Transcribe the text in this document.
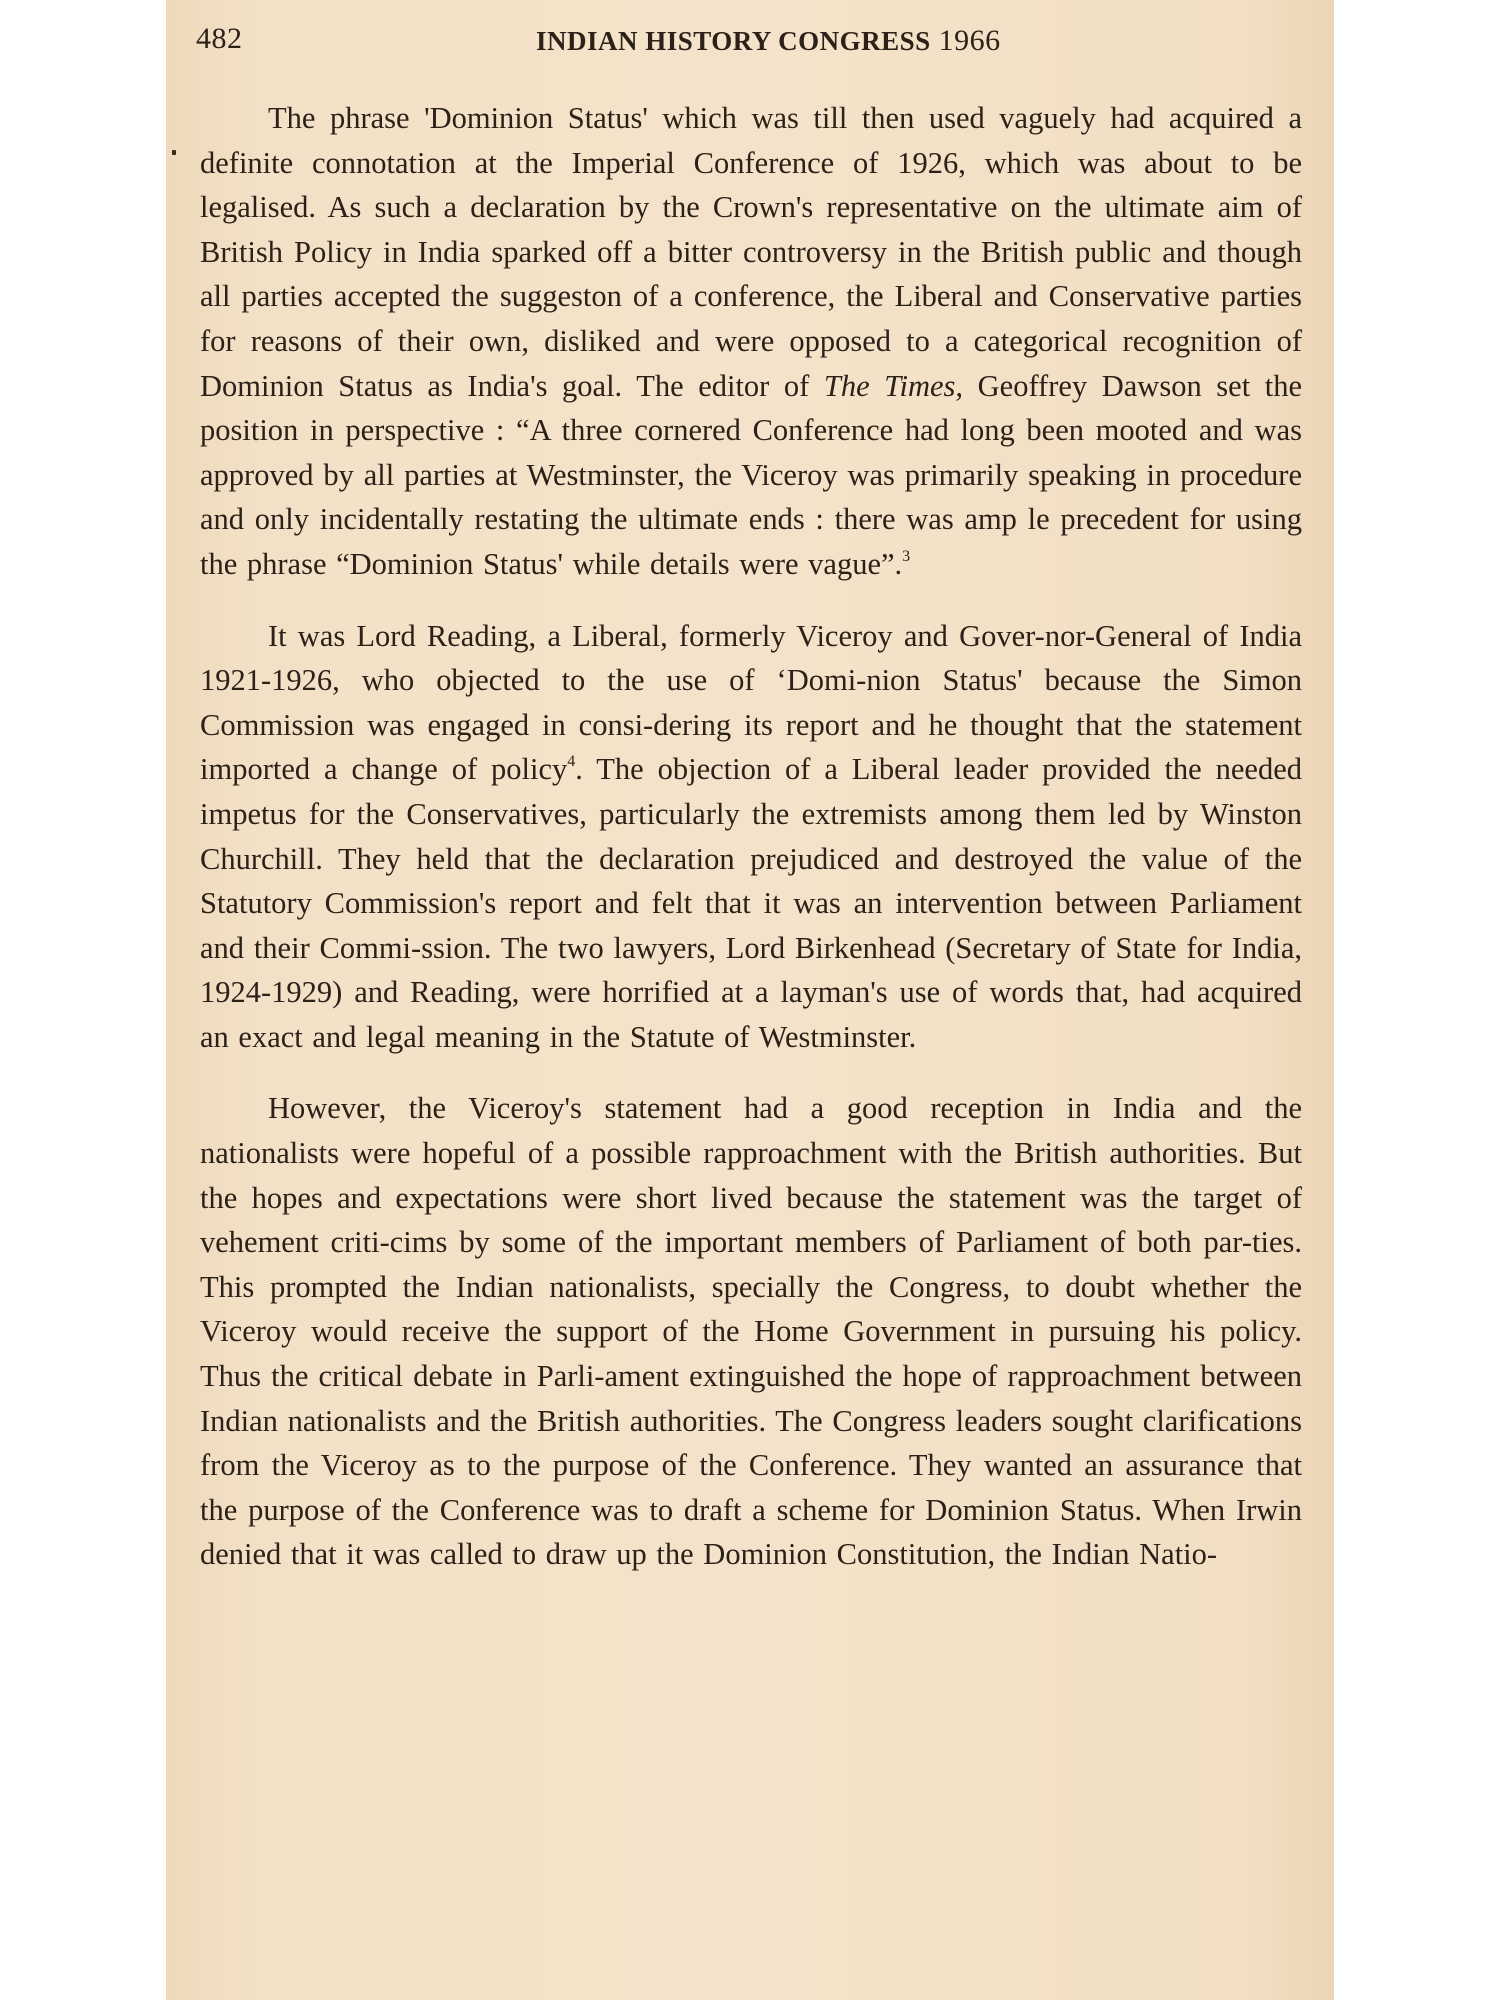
482	INDIAN HISTORY CONGRESS 1966

The phrase 'Dominion Status' which was till then used vaguely had acquired a definite connotation at the Imperial Conference of 1926, which was about to be legalised. As such a declaration by the Crown's representative on the ultimate aim of British Policy in India sparked off a bitter controversy in the British public and though all parties accepted the suggeston of a conference, the Liberal and Conservative parties for reasons of their own, disliked and were opposed to a categorical recognition of Dominion Status as India's goal. The editor of The Times, Geoffrey Dawson set the position in perspective : “A three cornered Conference had long been mooted and was approved by all parties at Westminster, the Viceroy was primarily speaking in procedure and only incidentally restating the ultimate ends : there was amp le precedent for using the phrase “Dominion Status' while details were vague”.$^3$

It was Lord Reading, a Liberal, formerly Viceroy and Gover-nor-General of India 1921-1926, who objected to the use of ‘Domi-nion Status' because the Simon Commission was engaged in consi-dering its report and he thought that the statement imported a change of policy$^4$. The objection of a Liberal leader provided the needed impetus for the Conservatives, particularly the extremists among them led by Winston Churchill. They held that the declaration prejudiced and destroyed the value of the Statutory Commission's report and felt that it was an intervention between Parliament and their Commi-ssion. The two lawyers, Lord Birkenhead (Secretary of State for India, 1924-1929) and Reading, were horrified at a layman's use of words that, had acquired an exact and legal meaning in the Statute of Westminster.

However, the Viceroy's statement had a good reception in India and the nationalists were hopeful of a possible rapproachment with the British authorities. But the hopes and expectations were short lived because the statement was the target of vehement criti-cims by some of the important members of Parliament of both par-ties. This prompted the Indian nationalists, specially the Congress, to doubt whether the Viceroy would receive the support of the Home Government in pursuing his policy. Thus the critical debate in Parli-ament extinguished the hope of rapproachment between Indian nationalists and the British authorities. The Congress leaders sought clarifications from the Viceroy as to the purpose of the Conference. They wanted an assurance that the purpose of the Conference was to draft a scheme for Dominion Status. When Irwin denied that it was called to draw up the Dominion Constitution, the Indian Natio-
